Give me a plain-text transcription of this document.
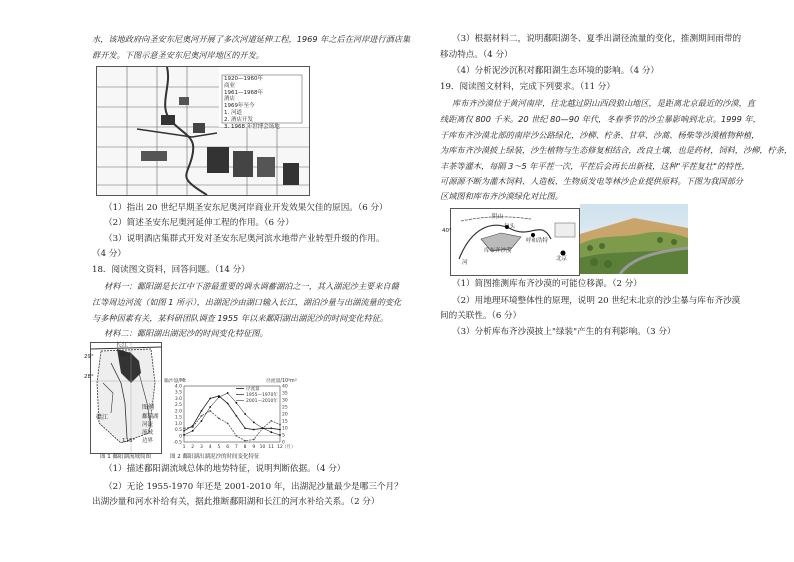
水，该地政府向圣安东尼奥河开展了多次河道延伸工程，1969 年之后在河岸进行酒店集
群开发。下图示意圣安东尼奥河岸地区的开发。
1920—1960年
商业
1961—1968年
酒店
1969年至今
1. 河道
2. 酒店开发
3. 1968 年世博会场地
（1）指出 20 世纪早期圣安东尼奥河岸商业开发效果欠佳的原因。（6 分）
（2）简述圣安东尼奥河延伸工程的作用。（6 分）
（3）说明酒店集群式开发对圣安东尼奥河滨水地带产业转型升级的作用。
（4 分）
18．阅读图文资料，回答问题。（14 分）
材料一：鄱阳湖是长江中下游最重要的调水调蓄湖泊之一，其入湖泥沙主要来自赣
江等周边河流（如图 1 所示），出湖泥沙由湖口输入长江，湖泊沙量与出湖流量的变化
与多种因素有关，某科研团队调查 1955 年以来鄱阳湖出湖泥沙的时间变化特征。
材料二：鄱阳湖出湖泥沙的时间变化特征图。
长江
湖口
赣江
图例
鄱阳湖
河流
流域
边界
29°
28°
116°
图 1 鄱阳湖流域简图
4.0
3.5
3.0
2.5
2.0
1.5
1.0
0.5
0
-0.5
40
35
30
25
20
15
10
5
0
1 2 3 4 5 6 7 8 9 10 11 12
输沙量/Mt	径流量/10⁹m³
（月）
径流量
1955—1970年
2001—2010年
图 2 鄱阳湖出湖泥沙的时间变化特征
（1）描述鄱阳湖流域总体的地势特征，说明判断依据。（4 分）
（2）无论 1955-1970 年还是 2001-2010 年，出湖泥沙量最少是哪三个月？
出湖沙量和河水补给有关，据此推断鄱阳湖和长江的河水补给关系。（2 分）
（3）根据材料二，说明鄱阳湖冬、夏季出湖径流量的变化，推测期间雨带的
移动特点。（4 分）
（4）分析泥沙沉积对鄱阳湖生态环境的影响。（4 分）
19．阅读图文材料，完成下列要求。（11 分）
库布齐沙漠位于黄河南岸，往北越过阴山西段狼山地区，是距离北京最近的沙漠，直
线距离仅 800 千米。20 世纪 80—90 年代，冬春季节的沙尘暴影响到北京。1999 年，
于库布齐沙漠北部的南岸沙公路绿化，沙柳、柠条、甘草、沙蒿、杨柴等沙漠植物种植，
为库布齐沙漠披上绿装，沙生植物与生态修复相结合，改良土壤，也是药材，饲料，沙柳，柠条，
丰茶等灌木，每隔 3～5 年平茬一次，平茬后会再长出新枝，这种"平茬复壮"的特性，
可源源不断为灌木饲料、人造板、生物质发电等林沙企业提供原料。下图为我国部分
区域图和库布齐沙漠绿化对比图。
阴山
包头
库布齐沙漠
呼和浩特
河
北京
40°
（1）简图推测库布齐沙漠的可能位移源。（2 分）
（2）用地理环境整体性的原理，说明 20 世纪末北京的沙尘暴与库布齐沙漠
间的关联性。（6 分）
（3）分析库布齐沙漠披上"绿装"产生的有利影响。（3 分）
